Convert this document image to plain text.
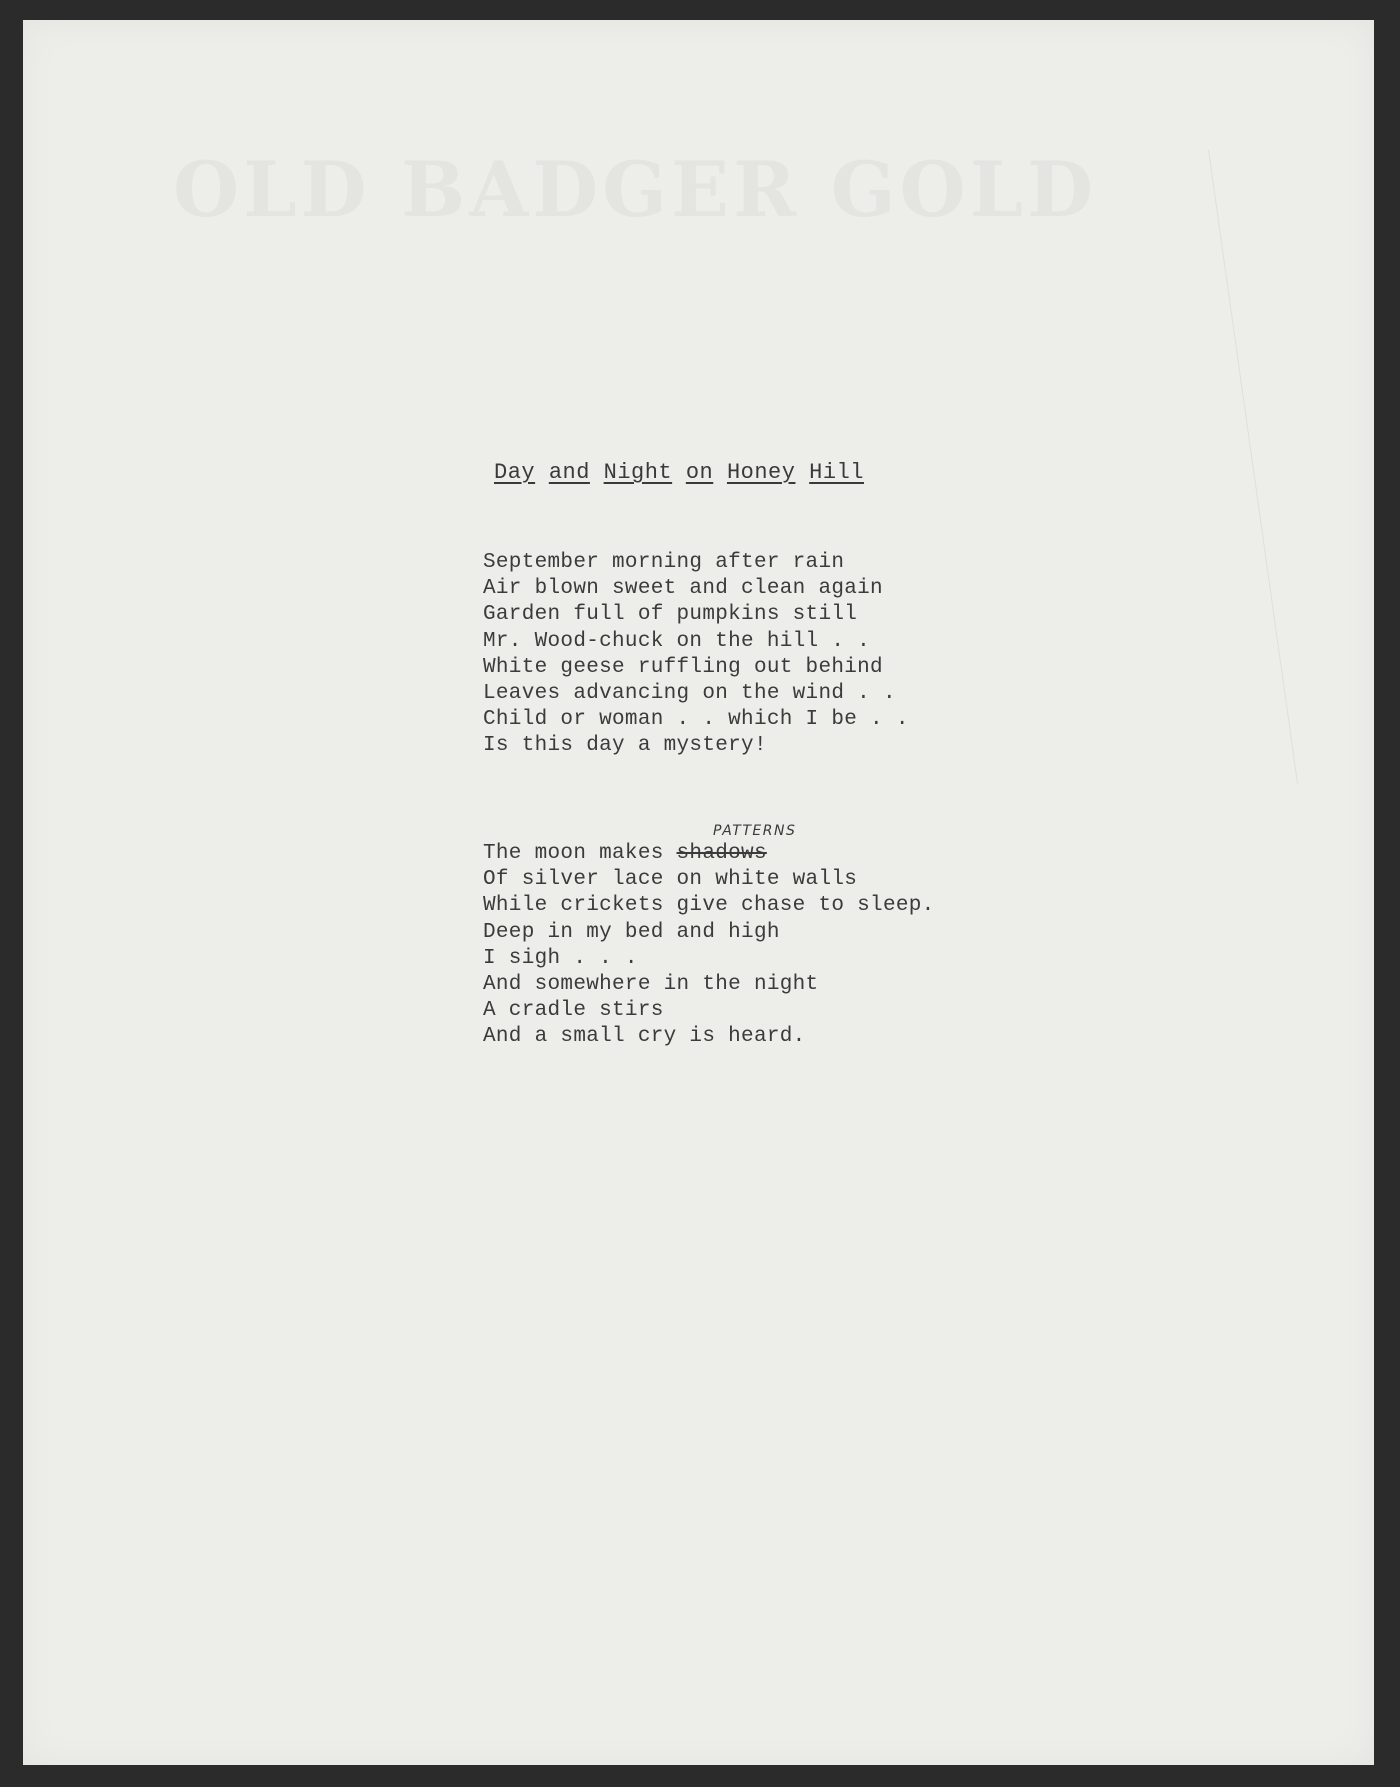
Day and Night on Honey Hill
September morning after rain
Air blown sweet and clean again
Garden full of pumpkins still
Mr. Wood-chuck on the hill . .
White geese ruffling out behind
Leaves advancing on the wind . .
Child or woman . . which I be . .
Is this day a mystery!
PATTERNS
The moon makes shadows
Of silver lace on white walls
While crickets give chase to sleep.
Deep in my bed and high
I sigh . . .
And somewhere in the night
A cradle stirs
And a small cry is heard.
